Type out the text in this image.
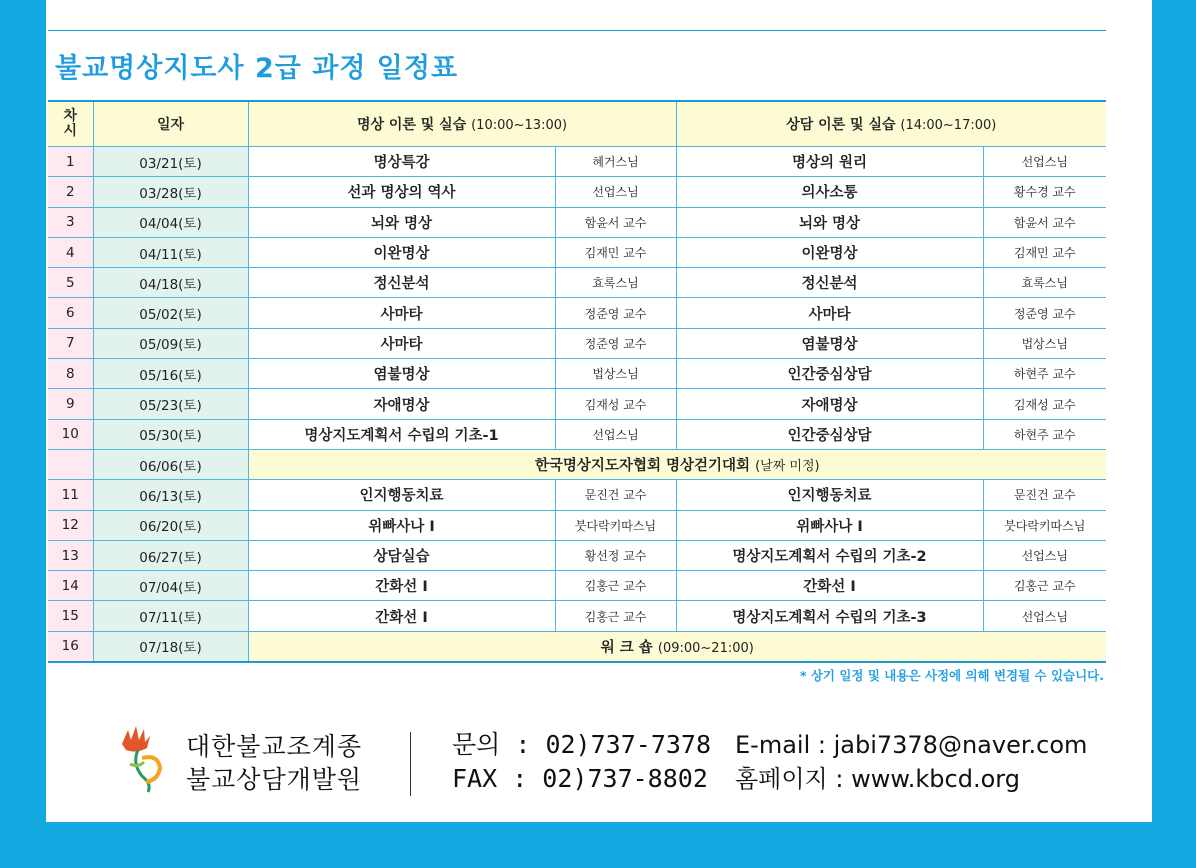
불교명상지도사 2급 과정 일정표
차
시	일자	명상 이론 및 실습 (10:00~13:00)		상담 이론 및 실습 (14:00~17:00)	
1	03/21(토)	명상특강	혜거스님	명상의 원리	선업스님
2	03/28(토)	선과 명상의 역사	선업스님	의사소통	황수경 교수
3	04/04(토)	뇌와 명상	함윤서 교수	뇌와 명상	함윤서 교수
4	04/11(토)	이완명상	김재민 교수	이완명상	김재민 교수
5	04/18(토)	정신분석	효록스님	정신분석	효록스님
6	05/02(토)	사마타	정준영 교수	사마타	정준영 교수
7	05/09(토)	사마타	정준영 교수	염불명상	법상스님
8	05/16(토)	염불명상	법상스님	인간중심상담	하현주 교수
9	05/23(토)	자애명상	김재성 교수	자애명상	김재성 교수
10	05/30(토)	명상지도계획서 수립의 기초-1	선업스님	인간중심상담	하현주 교수
	06/06(토)	한국명상지도자협회 명상걷기대회 (날짜 미정)			
11	06/13(토)	인지행동치료	문진건 교수	인지행동치료	문진건 교수
12	06/20(토)	위빠사나 I	붓다락키따스님	위빠사나 I	붓다락키따스님
13	06/27(토)	상담실습	황선정 교수	명상지도계획서 수립의 기초-2	선업스님
14	07/04(토)	간화선 I	김홍근 교수	간화선 I	김홍근 교수
15	07/11(토)	간화선 I	김홍근 교수	명상지도계획서 수립의 기초-3	선업스님
16	07/18(토)	워 크 숍 (09:00~21:00)			
* 상기 일정 및 내용은 사정에 의해 변경될 수 있습니다.
대한불교조계종
불교상담개발원
문의 : 02)737-7378
FAX : 02)737-8802
E-mail : jabi7378@naver.com
홈페이지 : www.kbcd.org
